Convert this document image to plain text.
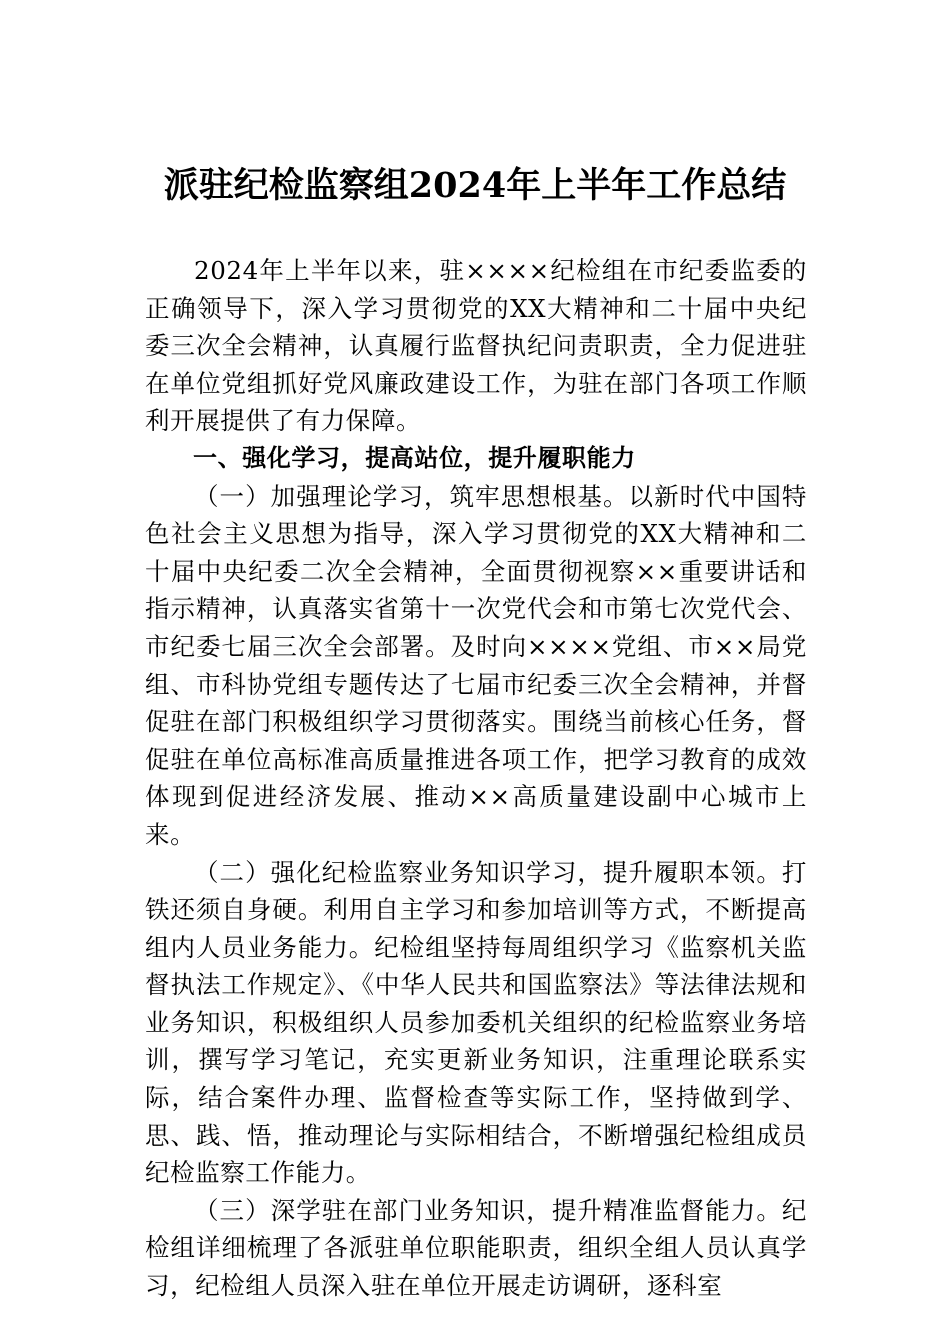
派驻纪检监察组2024年上半年工作总结

2024年上半年以来，驻××××纪检组在市纪委监委的正确领导下，深入学习贯彻党的XX大精神和二十届中央纪委三次全会精神，认真履行监督执纪问责职责，全力促进驻在单位党组抓好党风廉政建设工作，为驻在部门各项工作顺利开展提供了有力保障。

一、强化学习，提高站位，提升履职能力

（一）加强理论学习，筑牢思想根基。以新时代中国特色社会主义思想为指导，深入学习贯彻党的XX大精神和二十届中央纪委二次全会精神，全面贯彻视察××重要讲话和指示精神，认真落实省第十一次党代会和市第七次党代会、市纪委七届三次全会部署。及时向××××党组、市××局党组、市科协党组专题传达了七届市纪委三次全会精神，并督促驻在部门积极组织学习贯彻落实。围绕当前核心任务，督促驻在单位高标准高质量推进各项工作，把学习教育的成效体现到促进经济发展、推动××高质量建设副中心城市上来。

（二）强化纪检监察业务知识学习，提升履职本领。打铁还须自身硬。利用自主学习和参加培训等方式，不断提高组内人员业务能力。纪检组坚持每周组织学习《监察机关监督执法工作规定》、《中华人民共和国监察法》等法律法规和业务知识，积极组织人员参加委机关组织的纪检监察业务培训，撰写学习笔记，充实更新业务知识，注重理论联系实际，结合案件办理、监督检查等实际工作，坚持做到学、思、践、悟，推动理论与实际相结合，不断增强纪检组成员纪检监察工作能力。

（三）深学驻在部门业务知识，提升精准监督能力。纪检组详细梳理了各派驻单位职能职责，组织全组人员认真学习，纪检组人员深入驻在单位开展走访调研，逐科室
